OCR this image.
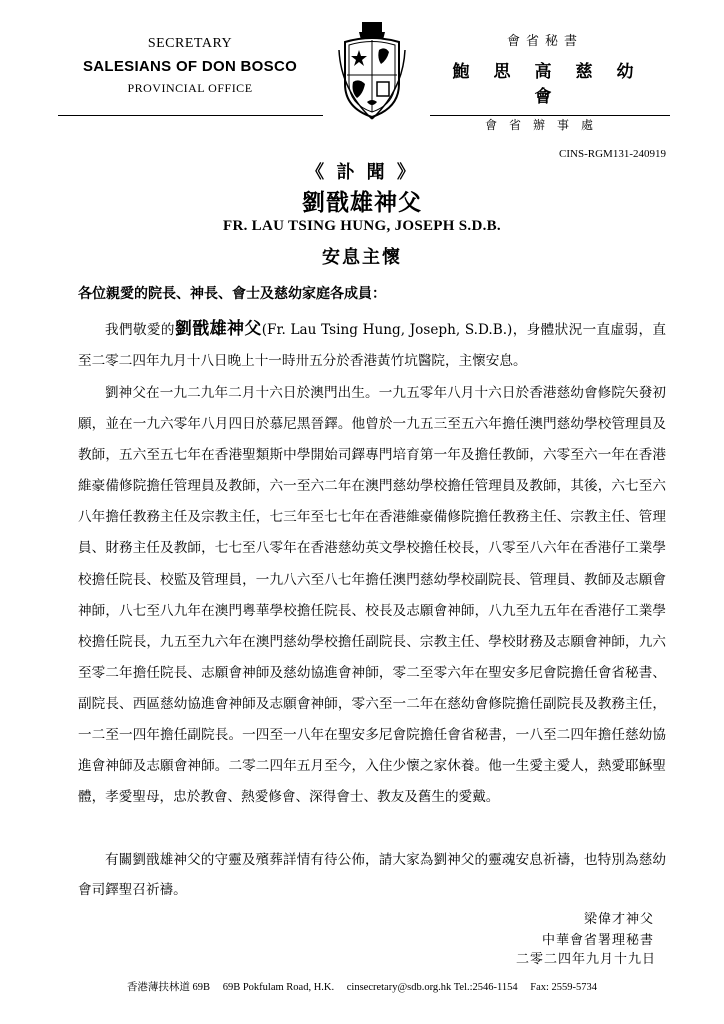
SECRETARY
SALESIANS OF DON BOSCO
PROVINCIAL OFFICE
會省秘書
鮑思高慈幼會
會省辦事處
CINS-RGM131-240919
《 訃 聞 》
劉戩雄神父
FR. LAU TSING HUNG, JOSEPH S.D.B.
安息主懷
各位親愛的院長、神長、會士及慈幼家庭各成員：
我們敬愛的劉戩雄神父(Fr. Lau Tsing Hung, Joseph, S.D.B.)，身體狀況一直虛弱，直至二零二四年九月十八日晚上十一時卅五分於香港黃竹坑醫院，主懷安息。
劉神父在一九二九年二月十六日於澳門出生。一九五零年八月十六日於香港慈幼會修院矢發初願，並在一九六零年八月四日於慕尼黑晉鐸。他曾於一九五三至五六年擔任澳門慈幼學校管理員及教師，五六至五七年在香港聖類斯中學開始司鐸專門培育第一年及擔任教師，六零至六一年在香港維豪備修院擔任管理員及教師，六一至六二年在澳門慈幼學校擔任管理員及教師，其後，六七至六八年擔任教務主任及宗教主任，七三年至七七年在香港維豪備修院擔任教務主任、宗教主任、管理員、財務主任及教師，七七至八零年在香港慈幼英文學校擔任校長，八零至八六年在香港仔工業學校擔任院長、校監及管理員，一九八六至八七年擔任澳門慈幼學校副院長、管理員、教師及志願會神師，八七至八九年在澳門粵華學校擔任院長、校長及志願會神師，八九至九五年在香港仔工業學校擔任院長，九五至九六年在澳門慈幼學校擔任副院長、宗教主任、學校財務及志願會神師，九六至零二年擔任院長、志願會神師及慈幼協進會神師，零二至零六年在聖安多尼會院擔任會省秘書、副院長、西區慈幼協進會神師及志願會神師，零六至一二年在慈幼會修院擔任副院長及教務主任，一二至一四年擔任副院長。一四至一八年在聖安多尼會院擔任會省秘書，一八至二四年擔任慈幼協進會神師及志願會神師。二零二四年五月至今，入住少懷之家休養。他一生愛主愛人，熱愛耶穌聖體，孝愛聖母，忠於教會、熱愛修會、深得會士、教友及舊生的愛戴。
有關劉戩雄神父的守靈及殯葬詳情有待公佈，請大家為劉神父的靈魂安息祈禱，也特別為慈幼會司鐸聖召祈禱。
梁偉才神父
中華會省署理秘書
二零二四年九月十九日
香港薄扶林道 69B 69B Pokfulam Road, H.K. cinsecretary@sdb.org.hk Tel.:2546-1154 Fax: 2559-5734
